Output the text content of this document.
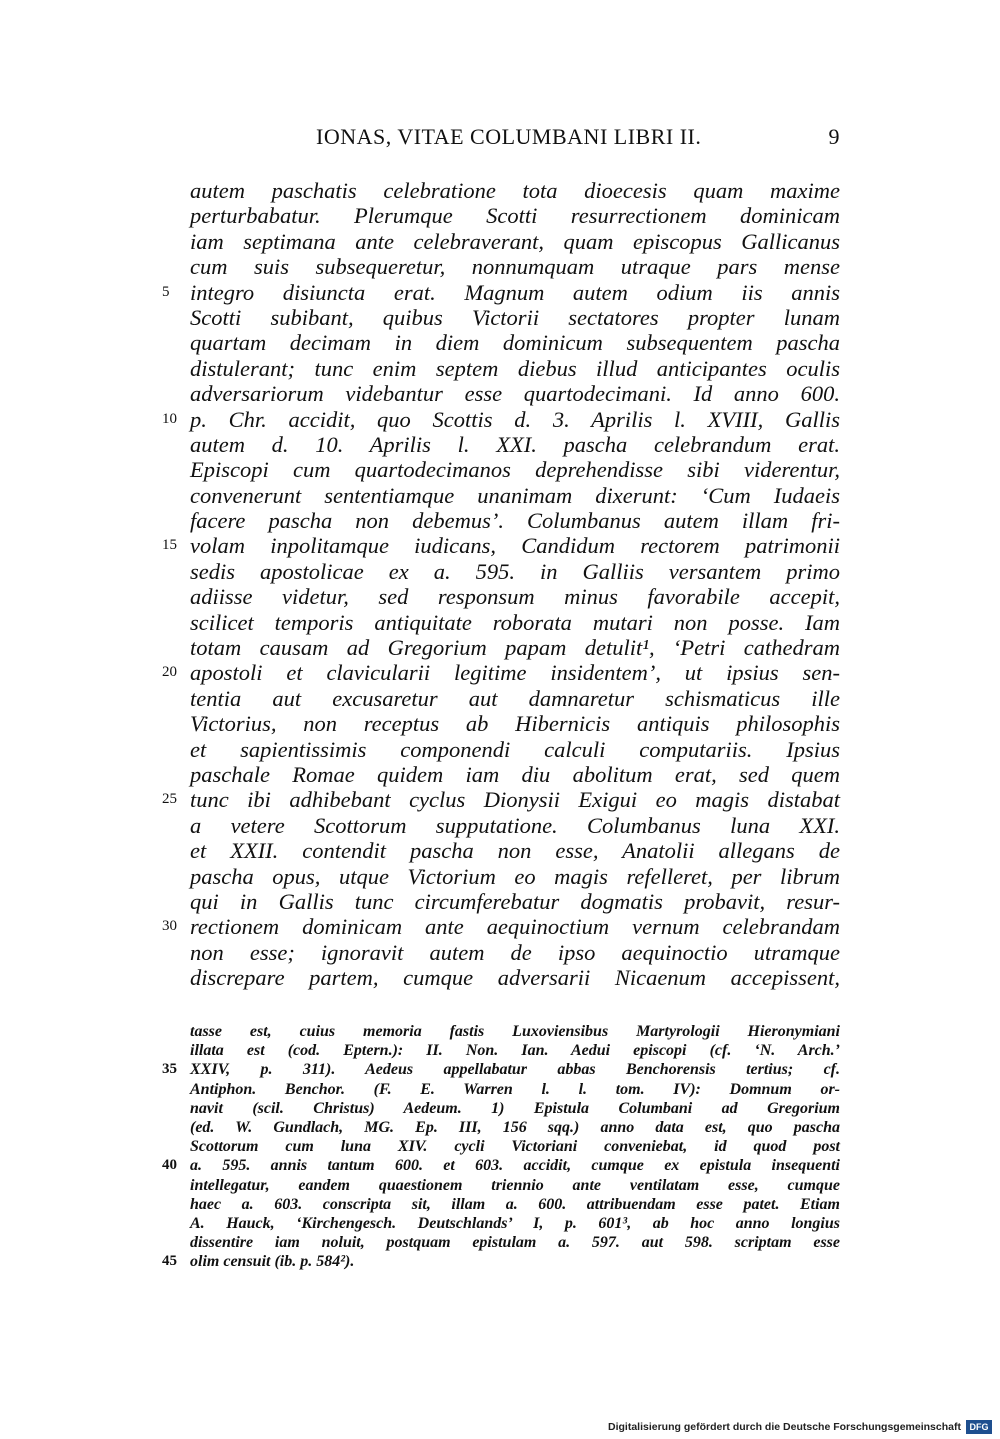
IONAS, VITAE COLUMBANI LIBRI II.	9
autem paschatis celebratione tota dioecesis quam maxime
perturbabatur. Plerumque Scotti resurrectionem dominicam
iam septimana ante celebraverant, quam episcopus Gallicanus
cum suis subsequeretur, nonnumquam utraque pars mense
5 integro disiuncta erat. Magnum autem odium iis annis
Scotti subibant, quibus Victorii sectatores propter lunam
quartam decimam in diem dominicum subsequentem pascha
distulerant; tunc enim septem diebus illud anticipantes oculis
adversariorum videbantur esse quartodecimani. Id anno 600.
10 p. Chr. accidit, quo Scottis d. 3. Aprilis l. XVIII, Gallis
autem d. 10. Aprilis l. XXI. pascha celebrandum erat.
Episcopi cum quartodecimanos deprehendisse sibi viderentur,
convenerunt sententiamque unanimam dixerunt: ‘Cum Iudaeis
facere pascha non debemus’. Columbanus autem illam fri-
15 volam inpolitamque iudicans, Candidum rectorem patrimonii
sedis apostolicae ex a. 595. in Galliis versantem primo
adiisse videtur, sed responsum minus favorabile accepit,
scilicet temporis antiquitate roborata mutari non posse. Iam
totam causam ad Gregorium papam detulit¹, ‘Petri cathedram
20 apostoli et clavicularii legitime insidentem’, ut ipsius sen-
tentia aut excusaretur aut damnaretur schismaticus ille
Victorius, non receptus ab Hibernicis antiquis philosophis
et sapientissimis componendi calculi computariis. Ipsius
paschale Romae quidem iam diu abolitum erat, sed quem
25 tunc ibi adhibebant cyclus Dionysii Exigui eo magis distabat
a vetere Scottorum supputatione. Columbanus luna XXI.
et XXII. contendit pascha non esse, Anatolii allegans de
pascha opus, utque Victorium eo magis refelleret, per librum
qui in Gallis tunc circumferebatur dogmatis probavit, resur-
30 rectionem dominicam ante aequinoctium vernum celebrandam
non esse; ignoravit autem de ipso aequinoctio utramque
discrepare partem, cumque adversarii Nicaenum accepissent,
tasse est, cuius memoria fastis Luxoviensibus Martyrologii Hieronymiani
illata est (cod. Eptern.): II. Non. Ian. Aedui episcopi (cf. ‘N. Arch.’
35 XXIV, p. 311). Aedeus appellabatur abbas Benchorensis tertius; cf.
Antiphon. Benchor. (F. E. Warren l. l. tom. IV): Domnum or-
navit (scil. Christus) Aedeum. 1) Epistula Columbani ad Gregorium
(ed. W. Gundlach, MG. Ep. III, 156 sqq.) anno data est, quo pascha
Scottorum cum luna XIV. cycli Victoriani conveniebat, id quod post
40 a. 595. annis tantum 600. et 603. accidit, cumque ex epistula insequenti
intellegatur, eandem quaestionem triennio ante ventilatam esse, cumque
haec a. 603. conscripta sit, illam a. 600. attribuendam esse patet. Etiam
A. Hauck, ‘Kirchengesch. Deutschlands’ I, p. 601³, ab hoc anno longius
dissentire iam noluit, postquam epistulam a. 597. aut 598. scriptam esse
45 olim censuit (ib. p. 584²).
Digitalisierung gefördert durch die Deutsche Forschungsgemeinschaft DFG
